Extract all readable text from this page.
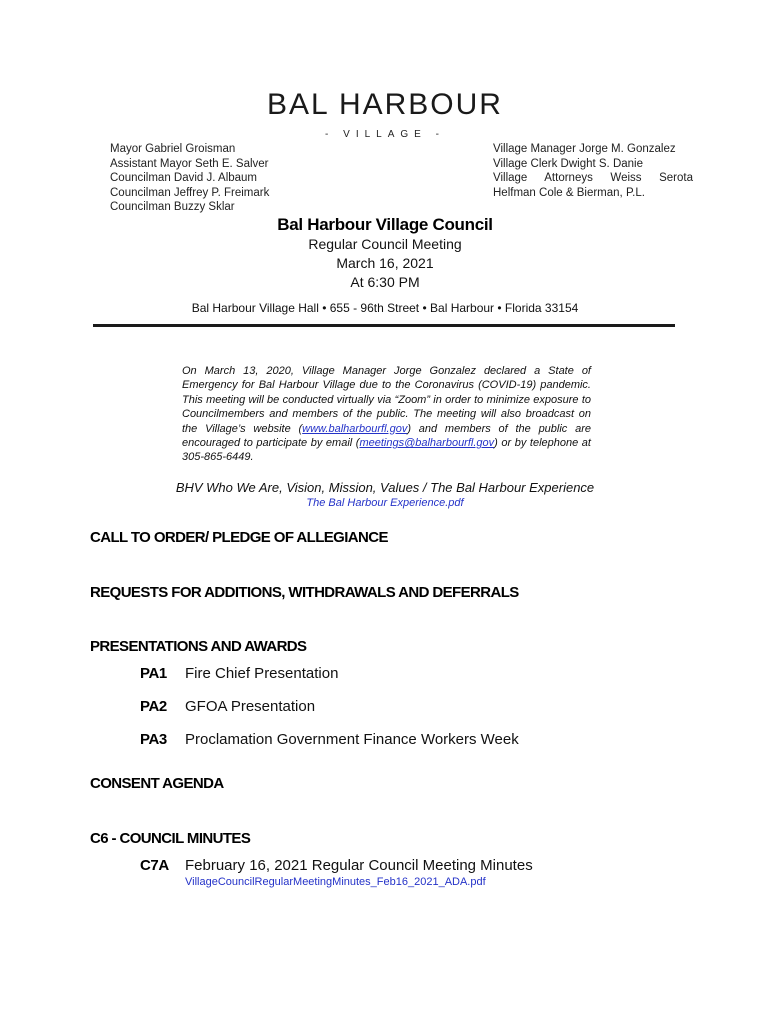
BAL HARBOUR
- VILLAGE -
Mayor Gabriel Groisman
Assistant Mayor Seth E. Salver
Councilman David J. Albaum
Councilman Jeffrey P. Freimark
Councilman Buzzy Sklar
Village Manager Jorge M. Gonzalez
Village Clerk Dwight S. Danie
Village Attorneys Weiss Serota
Helfman Cole & Bierman, P.L.
Bal Harbour Village Council
Regular Council Meeting
March 16, 2021
At 6:30 PM
Bal Harbour Village Hall • 655 - 96th Street • Bal Harbour • Florida 33154
On March 13, 2020, Village Manager Jorge Gonzalez declared a State of Emergency for Bal Harbour Village due to the Coronavirus (COVID-19) pandemic. This meeting will be conducted virtually via “Zoom” in order to minimize exposure to Councilmembers and members of the public. The meeting will also broadcast on the Village’s website (www.balharbourfl.gov) and members of the public are encouraged to participate by email (meetings@balharbourfl.gov) or by telephone at 305-865-6449.
BHV Who We Are, Vision, Mission, Values / The Bal Harbour Experience
The Bal Harbour Experience.pdf
CALL TO ORDER/ PLEDGE OF ALLEGIANCE
REQUESTS FOR ADDITIONS, WITHDRAWALS AND DEFERRALS
PRESENTATIONS AND AWARDS
PA1 Fire Chief Presentation
PA2 GFOA Presentation
PA3 Proclamation Government Finance Workers Week
CONSENT AGENDA
C6 - COUNCIL MINUTES
C7A February 16, 2021 Regular Council Meeting Minutes
VillageCouncilRegularMeetingMinutes_Feb16_2021_ADA.pdf
